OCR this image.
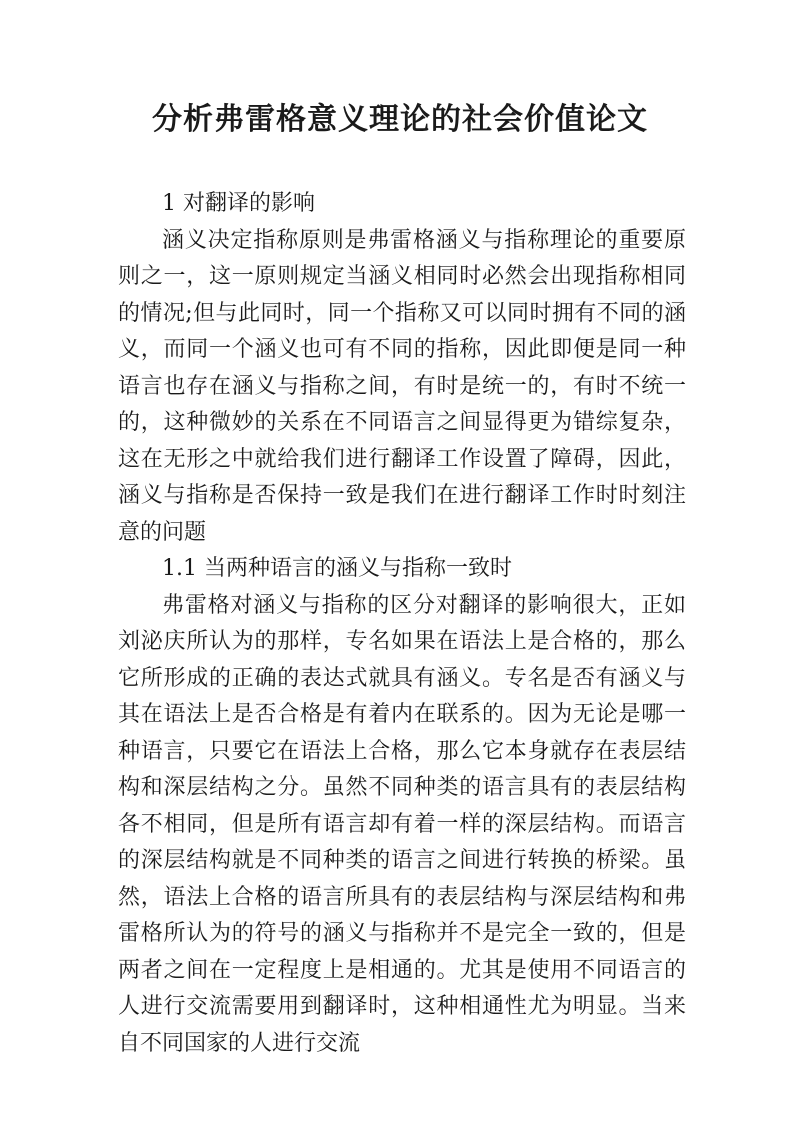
分析弗雷格意义理论的社会价值论文

1 对翻译的影响

涵义决定指称原则是弗雷格涵义与指称理论的重要原则之一，这一原则规定当涵义相同时必然会出现指称相同的情况;但与此同时，同一个指称又可以同时拥有不同的涵义，而同一个涵义也可有不同的指称，因此即便是同一种语言也存在涵义与指称之间，有时是统一的，有时不统一的，这种微妙的关系在不同语言之间显得更为错综复杂，这在无形之中就给我们进行翻译工作设置了障碍，因此，涵义与指称是否保持一致是我们在进行翻译工作时时刻注意的问题

1.1 当两种语言的涵义与指称一致时

弗雷格对涵义与指称的区分对翻译的影响很大，正如刘泌庆所认为的那样，专名如果在语法上是合格的，那么它所形成的正确的表达式就具有涵义。专名是否有涵义与其在语法上是否合格是有着内在联系的。因为无论是哪一种语言，只要它在语法上合格，那么它本身就存在表层结构和深层结构之分。虽然不同种类的语言具有的表层结构各不相同，但是所有语言却有着一样的深层结构。而语言的深层结构就是不同种类的语言之间进行转换的桥梁。虽然，语法上合格的语言所具有的表层结构与深层结构和弗雷格所认为的符号的涵义与指称并不是完全一致的，但是两者之间在一定程度上是相通的。尤其是使用不同语言的人进行交流需要用到翻译时，这种相通性尤为明显。当来自不同国家的人进行交流
